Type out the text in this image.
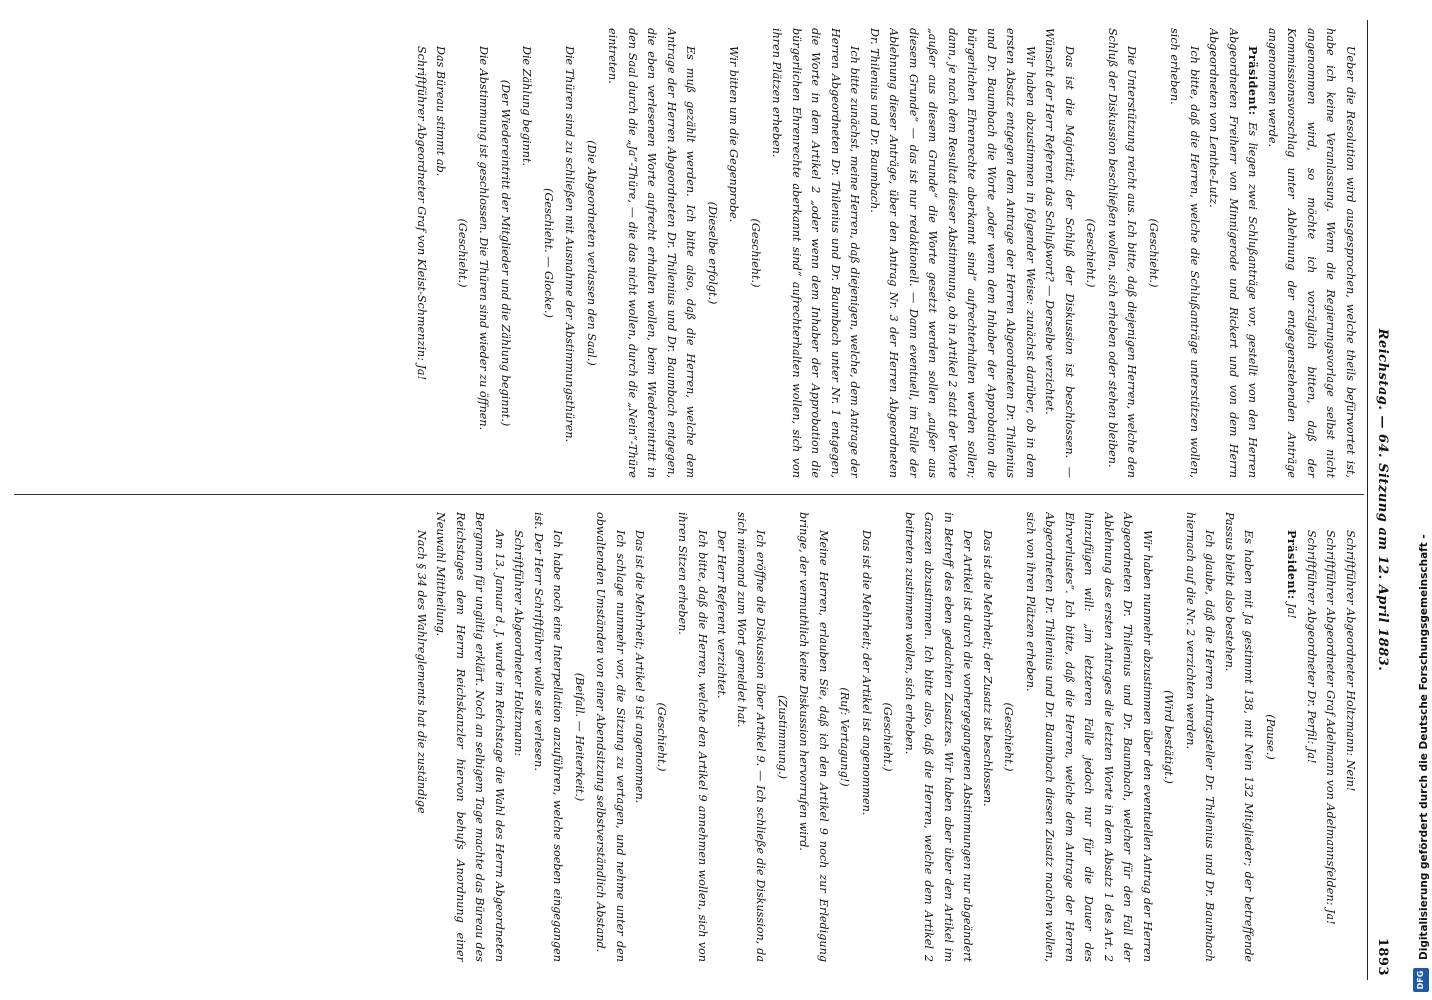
Reichstag. — 64. Sitzung am 12. April 1883.
1893
Ueber die Resolution wird ausgesprochen, welche theils befürwortet ist, habe ich keine Veranlassung. Wenn die Regierungsvorlage selbst nicht angenommen wird, so möchte ich vorzüglich bitten, daß der Kommissionsvorschlag unter Ablehnung der entgegenstehenden Anträge angenommen werde.
Präsident: Es liegen zwei Schlußanträge vor, gestellt von den Herren Abgeordneten Freiherr von Minnigerode und Rickert und von dem Herrn Abgeordneten von Lenthe-Lutz.
Ich bitte, daß die Herren, welche die Schlußanträge unterstützen wollen, sich erheben.
(Geschieht.)
Die Unterstützung reicht aus. Ich bitte, daß diejenigen Herren, welche den Schluß der Diskussion beschließen wollen, sich erheben oder stehen bleiben.
(Geschieht.)
Das ist die Majorität; der Schluß der Diskussion ist beschlossen. — Wünscht der Herr Referent das Schlußwort? — Derselbe verzichtet.
Wir haben abzustimmen in folgender Weise: zunächst darüber, ob in dem ersten Absatz entgegen dem Antrage der Herren Abgeordneten Dr. Thilenius und Dr. Baumbach die Worte „oder wenn dem Inhaber der Approbation die bürgerlichen Ehrenrechte aberkannt sind“ aufrechterhalten werden sollen; dann, je nach dem Resultat dieser Abstimmung, ob in Artikel 2 statt der Worte „außer aus diesem Grunde“ die Worte gesetzt werden sollen „außer aus diesem Grunde“ — das ist nur redaktionell. — Dann eventuell, im Falle der Ablehnung dieser Anträge, über den Antrag Nr. 3 der Herren Abgeordneten Dr. Thilenius und Dr. Baumbach.
Ich bitte zunächst, meine Herren, daß diejenigen, welche, dem Antrage der Herren Abgeordneten Dr. Thilenius und Dr. Baumbach unter Nr. 1 entgegen, die Worte in dem Artikel 2 „oder wenn dem Inhaber der Approbation die bürgerlichen Ehrenrechte aberkannt sind“ aufrechterhalten wollen, sich von ihren Plätzen erheben.
(Geschieht.)
Wir bitten um die Gegenprobe.
(Dieselbe erfolgt.)
Es muß gezählt werden. Ich bitte also, daß die Herren, welche dem Antrage der Herren Abgeordneten Dr. Thilenius und Dr. Baumbach entgegen, die eben verlesenen Worte aufrecht erhalten wollen, beim Wiedereintritt in den Saal durch die „Ja“-Thüre, — die das nicht wollen, durch die „Nein“-Thüre eintreten.
(Die Abgeordneten verlassen den Saal.)
Die Thüren sind zu schließen mit Ausnahme der Abstimmungsthüren.
(Geschieht. — Glocke.)
Die Zählung beginnt.
(Der Wiedereintritt der Mitglieder und die Zählung beginnt.)
Die Abstimmung ist geschlossen. Die Thüren sind wieder zu öffnen.
(Geschieht.)
Das Büreau stimmt ab.
Schriftführer Abgeordneter Graf von Kleist-Schmenzin: Ja!
Schriftführer Abgeordneter Holtzmann: Nein!
Schriftführer Abgeordneter Graf Adelmann von Adelmannsfelden: Ja!
Schriftführer Abgeordneter Dr. Perfil: Ja!
Präsident: Ja!
(Pause.)
Es haben mit Ja gestimmt 138, mit Nein 132 Mitglieder; der betreffende Passus bleibt also bestehen.
Ich glaube, daß die Herren Antragsteller Dr. Thilenius und Dr. Baumbach hiernach auf die Nr. 2 verzichten werden.
(Wird bestätigt.)
Wir haben nunmehr abzustimmen über den eventuellen Antrag der Herren Abgeordneten Dr. Thilenius und Dr. Baumbach, welcher für den Fall der Ablehnung des ersten Antrages die letzten Worte in dem Absatz 1 des Art. 2 hinzufügen will: „im letzteren Falle jedoch nur für die Dauer des Ehrverlustes“. Ich bitte, daß die Herren, welche dem Antrage der Herren Abgeordneten Dr. Thilenius und Dr. Baumbach diesen Zusatz machen wollen, sich von ihren Plätzen erheben.
(Geschieht.)
Das ist die Mehrheit; der Zusatz ist beschlossen.
Der Artikel ist durch die vorhergegangenen Abstimmungen nur abgeändert in Betreff des eben gedachten Zusatzes. Wir haben aber über den Artikel im Ganzen abzustimmen. Ich bitte also, daß die Herren, welche dem Artikel 2 beitreten zustimmen wollen, sich erheben.
(Geschieht.)
Das ist die Mehrheit; der Artikel ist angenommen.
(Ruf: Vertagung!)
Meine Herren, erlauben Sie, daß ich den Artikel 9 noch zur Erledigung bringe, der vermuthlich keine Diskussion hervorrufen wird.
(Zustimmung.)
Ich eröffne die Diskussion über Artikel 9. — Ich schließe die Diskussion, da sich niemand zum Wort gemeldet hat.
Der Herr Referent verzichtet.
Ich bitte, daß die Herren, welche den Artikel 9 annehmen wollen, sich von ihren Sitzen erheben.
(Geschieht.)
Das ist die Mehrheit; Artikel 9 ist angenommen.
Ich schlage nunmehr vor, die Sitzung zu vertagen, und nehme unter den obwaltenden Umständen von einer Abendsitzung selbstverständlich Abstand.
(Beifall. — Heiterkeit.)
Ich habe noch eine Interpellation anzuführen, welche soeben eingegangen ist. Der Herr Schriftführer wolle sie verlesen.
Schriftführer Abgeordneter Holtzmann:
Am 13. Januar d. J. wurde im Reichstage die Wahl des Herrn Abgeordneten Bergmann für ungiltig erklärt. Noch an selbigem Tage machte das Büreau des Reichstages dem Herrn Reichskanzler hiervon behufs Anordnung einer Neuwahl Mittheilung.
Nach § 34 des Wahlreglements hat die zuständige	Digitalisierung gefördert durch die Deutsche Forschungsgemeinschaft -
DFG
